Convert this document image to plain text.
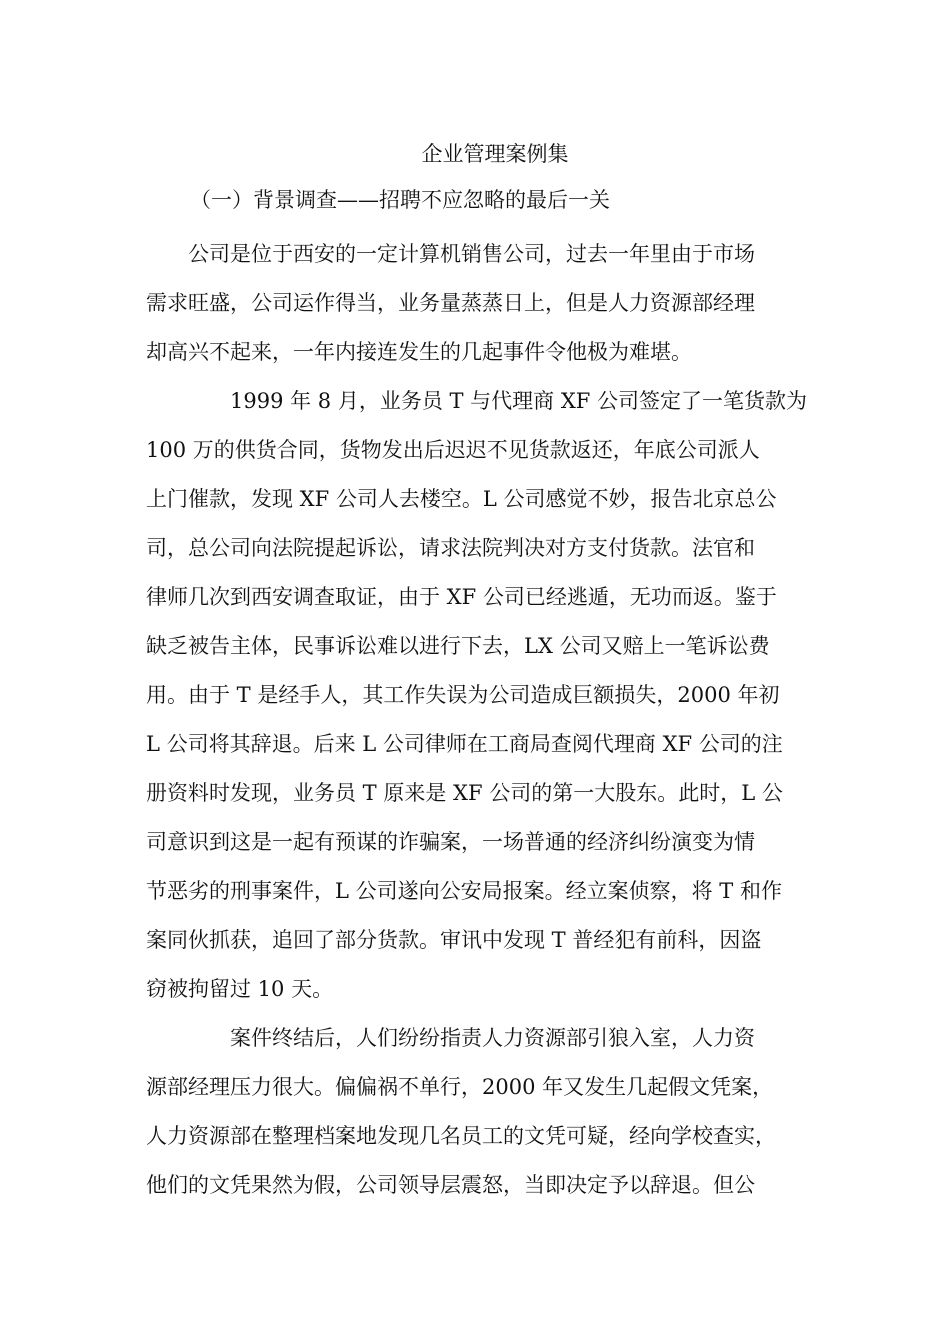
企业管理案例集
（一）背景调查——招聘不应忽略的最后一关

　　公司是位于西安的一定计算机销售公司，过去一年里由于市场
需求旺盛，公司运作得当，业务量蒸蒸日上，但是人力资源部经理
却高兴不起来，一年内接连发生的几起事件令他极为难堪。

　　　　1999 年 8 月，业务员 T 与代理商 XF 公司签定了一笔货款为
100 万的供货合同，货物发出后迟迟不见货款返还，年底公司派人
上门催款，发现 XF 公司人去楼空。L 公司感觉不妙，报告北京总公
司，总公司向法院提起诉讼，请求法院判决对方支付货款。法官和
律师几次到西安调查取证，由于 XF 公司已经逃遁，无功而返。鉴于
缺乏被告主体，民事诉讼难以进行下去，LX 公司又赔上一笔诉讼费
用。由于 T 是经手人，其工作失误为公司造成巨额损失，2000 年初
L 公司将其辞退。后来 L 公司律师在工商局查阅代理商 XF 公司的注
册资料时发现，业务员 T 原来是 XF 公司的第一大股东。此时，L 公
司意识到这是一起有预谋的诈骗案，一场普通的经济纠纷演变为情
节恶劣的刑事案件，L 公司遂向公安局报案。经立案侦察，将 T 和作
案同伙抓获，追回了部分货款。审讯中发现 T 普经犯有前科，因盗
窃被拘留过 10 天。

　　　　案件终结后，人们纷纷指责人力资源部引狼入室，人力资
源部经理压力很大。偏偏祸不单行，2000 年又发生几起假文凭案，
人力资源部在整理档案地发现几名员工的文凭可疑，经向学校查实，
他们的文凭果然为假，公司领导层震怒，当即决定予以辞退。但公
